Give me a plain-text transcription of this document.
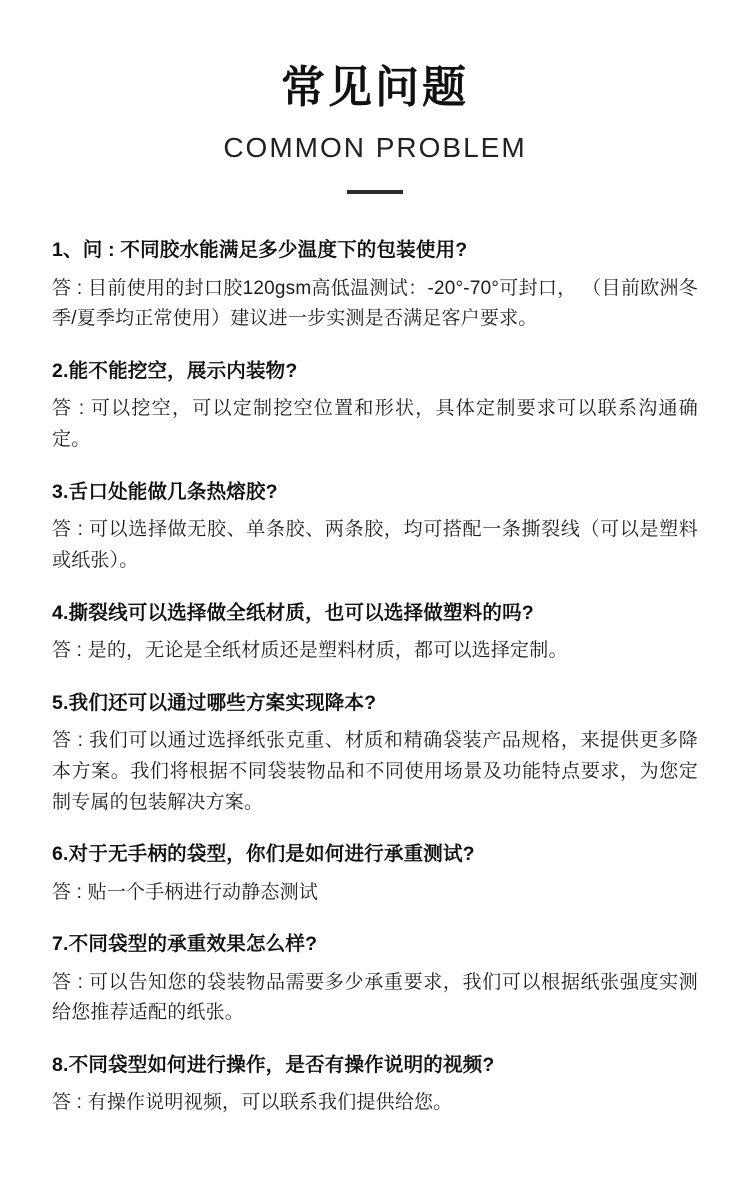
常见问题
COMMON PROBLEM

1、问 : 不同胶水能满足多少温度下的包装使用?

答 : 目前使用的封口胶120gsm高低温测试：-20°-70°可封口， （目前欧洲冬季/夏季均正常使用）建议进一步实测是否满足客户要求。

2.能不能挖空，展示内装物?

答 : 可以挖空，可以定制挖空位置和形状，具体定制要求可以联系沟通确定。

3.舌口处能做几条热熔胶?

答 : 可以选择做无胶、单条胶、两条胶，均可搭配一条撕裂线（可以是塑料或纸张）。

4.撕裂线可以选择做全纸材质，也可以选择做塑料的吗?

答 : 是的，无论是全纸材质还是塑料材质，都可以选择定制。

5.我们还可以通过哪些方案实现降本?

答 : 我们可以通过选择纸张克重、材质和精确袋装产品规格，来提供更多降本方案。我们将根据不同袋装物品和不同使用场景及功能特点要求，为您定制专属的包装解决方案。

6.对于无手柄的袋型，你们是如何进行承重测试?

答 : 贴一个手柄进行动静态测试

7.不同袋型的承重效果怎么样?

答 : 可以告知您的袋装物品需要多少承重要求，我们可以根据纸张强度实测给您推荐适配的纸张。

8.不同袋型如何进行操作，是否有操作说明的视频?

答 : 有操作说明视频，可以联系我们提供给您。
